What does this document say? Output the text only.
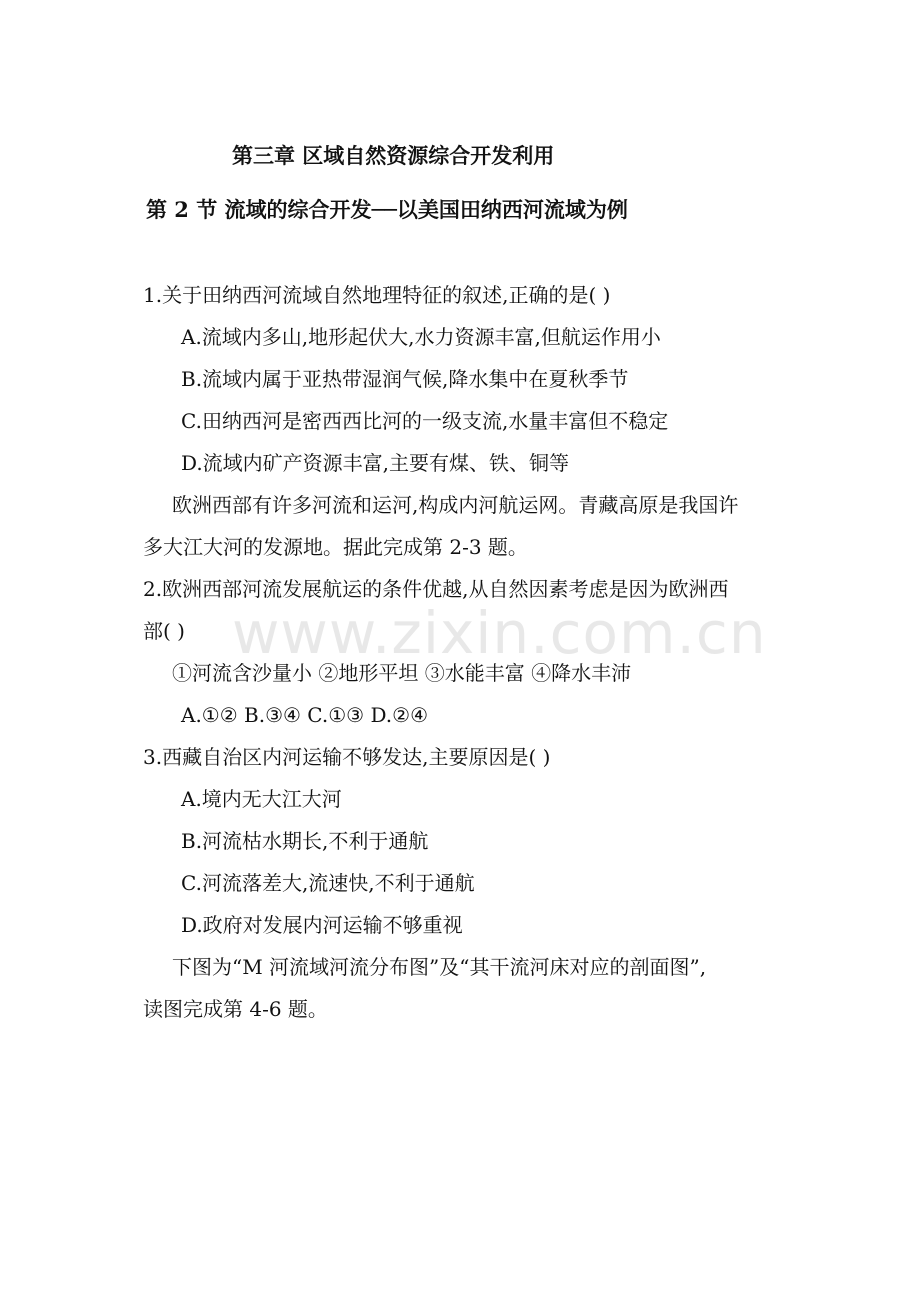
第三章 区域自然资源综合开发利用
第 2 节 流域的综合开发──以美国田纳西河流域为例
1.关于田纳西河流域自然地理特征的叙述,正确的是( )
A.流域内多山,地形起伏大,水力资源丰富,但航运作用小
B.流域内属于亚热带湿润气候,降水集中在夏秋季节
C.田纳西河是密西西比河的一级支流,水量丰富但不稳定
D.流域内矿产资源丰富,主要有煤、铁、铜等
欧洲西部有许多河流和运河,构成内河航运网。青藏高原是我国许
多大江大河的发源地。据此完成第 2-3 题。
2.欧洲西部河流发展航运的条件优越,从自然因素考虑是因为欧洲西
部( )
①河流含沙量小 ②地形平坦 ③水能丰富 ④降水丰沛
A.①② B.③④ C.①③ D.②④
3.西藏自治区内河运输不够发达,主要原因是( )
A.境内无大江大河
B.河流枯水期长,不利于通航
C.河流落差大,流速快,不利于通航
D.政府对发展内河运输不够重视
下图为“M 河流域河流分布图”及“其干流河床对应的剖面图”,
读图完成第 4-6 题。
www.zixin.com.cn
